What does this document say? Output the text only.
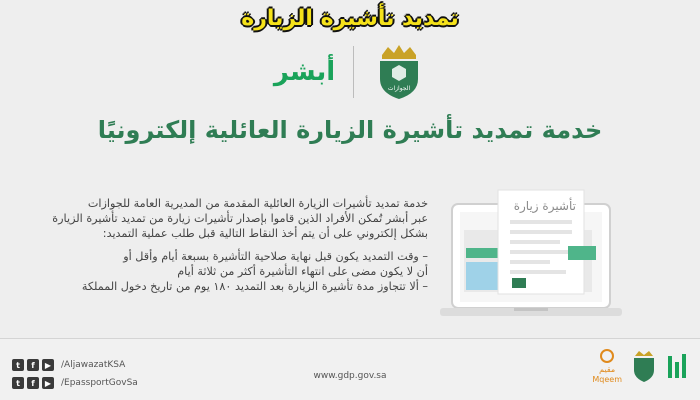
تمديد تأشيرة الزيارة
أبشر
الجوازات
خدمة تمديد تأشيرة الزيارة العائلية إلكترونيًا

خدمة تمديد تأشيرات الزيارة العائلية المقدمة من المديرية العامة للجوازات

عبر أبشر تُمكن الأفراد الذين قاموا بإصدار تأشيرات زيارة من تمديد تأشيرة الزيارة

بشكل إلكتروني على أن يتم أخذ النقاط التالية قبل طلب عملية التمديد:

– وقت التمديد يكون قبل نهاية صلاحية التأشيرة بسبعة أيام وأقل أو

أن لا يكون مضى على انتهاء التأشيرة أكثر من ثلاثة أيام

– ألا تتجاوز مدة تأشيرة الزيارة بعد التمديد ١٨٠ يوم من تاريخ دخول المملكة

تأشيرة زيارة
t	f	▶	/AljawazatKSA
t	f	▶	/EpassportGovSa
www.gdp.gov.sa
مقيم
Mqeem
